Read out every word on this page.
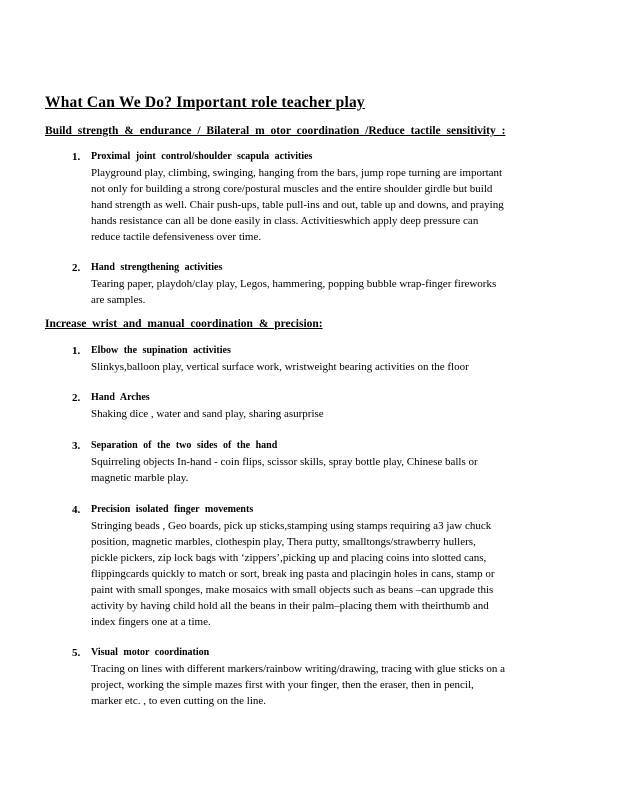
What Can We Do? Important role teacher play
Build strength & endurance / Bilateral m otor coordination /Reduce tactile sensitivity :
1. Proximal joint control/shoulder scapula activities
Playground play, climbing, swinging, hanging from the bars, jump rope turning are important
not only for building a strong core/postural muscles and the entire shoulder girdle but build
hand strength as well. Chair push-ups, table pull-ins and out, table up and downs, and praying
hands resistance can all be done easily in class. Activitieswhich apply deep pressure can
reduce tactile defensiveness over time.
2. Hand strengthening activities
Tearing paper, playdoh/clay play, Legos, hammering, popping bubble wrap-finger fireworks
are samples.
Increase wrist and manual coordination & precision:
1. Elbow the supination activities
Slinkys,balloon play, vertical surface work, wristweight bearing activities on the floor
2. Hand Arches
Shaking dice , water and sand play, sharing asurprise
3. Separation of the two sides of the hand
Squirreling objects In-hand - coin flips, scissor skills, spray bottle play, Chinese balls or
magnetic marble play.
4. Precision isolated finger movements
Stringing beads , Geo boards, pick up sticks,stamping using stamps requiring a3 jaw chuck
position, magnetic marbles, clothespin play, Thera putty, smalltongs/strawberry hullers,
pickle pickers, zip lock bags with ‘zippers’,picking up and placing coins into slotted cans,
flippingcards quickly to match or sort, break ing pasta and placingin holes in cans, stamp or
paint with small sponges, make mosaics with small objects such as beans –can upgrade this
activity by having child hold all the beans in their palm–placing them with theirthumb and
index fingers one at a time.
5. Visual motor coordination
Tracing on lines with different markers/rainbow writing/drawing, tracing with glue sticks on a
project, working the simple mazes first with your finger, then the eraser, then in pencil,
marker etc. , to even cutting on the line.
